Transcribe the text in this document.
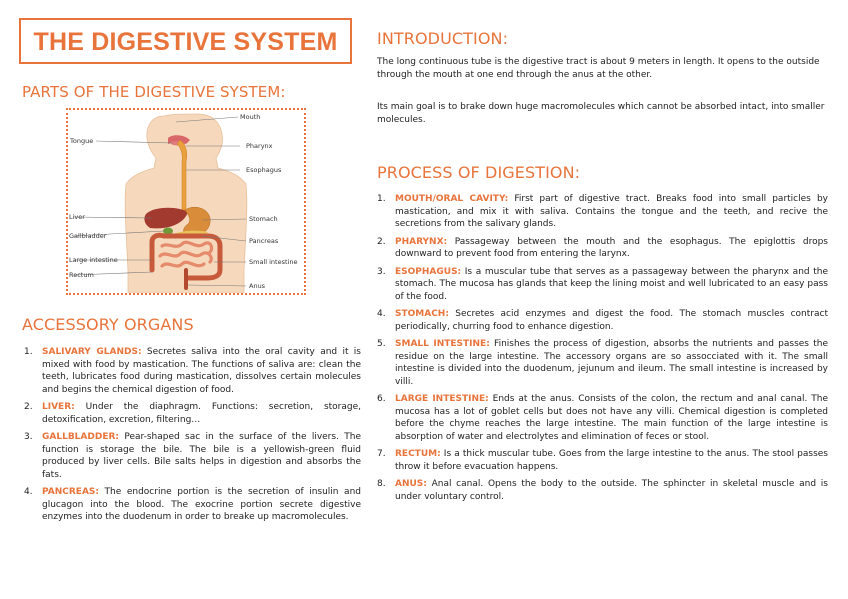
THE DIGESTIVE SYSTEM
PARTS OF THE DIGESTIVE SYSTEM:
Mouth
Tongue
Pharynx
Esophagus
Liver	Stomach
Gallbladder
Pancreas
Large intestine	Small intestine
Rectum
Anus
ACCESSORY ORGANS
1. SALIVARY GLANDS: Secretes saliva into the oral cavity and it is mixed with food by mastication. The functions of saliva are: clean the teeth, lubricates food during mastication, dissolves certain molecules and begins the chemical digestion of food.
2. LIVER: Under the diaphragm. Functions: secretion, storage, detoxification, excretion, filtering…
3. GALLBLADDER: Pear-shaped sac in the surface of the livers. The function is storage the bile. The bile is a yellowish-green fluid produced by liver cells. Bile salts helps in digestion and absorbs the fats.
4. PANCREAS: The endocrine portion is the secretion of insulin and glucagon into the blood. The exocrine portion secrete digestive enzymes into the duodenum in order to breake up macromolecules.
INTRODUCTION:
The long continuous tube is the digestive tract is about 9 meters in length. It opens to the outside through the mouth at one end through the anus at the other.
Its main goal is to brake down huge macromolecules which cannot be absorbed intact, into smaller molecules.
PROCESS OF DIGESTION:
1. MOUTH/ORAL CAVITY: First part of digestive tract. Breaks food into small particles by mastication, and mix it with saliva. Contains the tongue and the teeth, and recive the secretions from the salivary glands.
2. PHARYNX: Passageway between the mouth and the esophagus. The epiglottis drops downward to prevent food from entering the larynx.
3. ESOPHAGUS: Is a muscular tube that serves as a passageway between the pharynx and the stomach. The mucosa has glands that keep the lining moist and well lubricated to an easy pass of the food.
4. STOMACH: Secretes acid enzymes and digest the food. The stomach muscles contract periodically, churring food to enhance digestion.
5. SMALL INTESTINE: Finishes the process of digestion, absorbs the nutrients and passes the residue on the large intestine. The accessory organs are so assocciated with it. The small intestine is divided into the duodenum, jejunum and ileum. The small intestine is increased by villi.
6. LARGE INTESTINE: Ends at the anus. Consists of the colon, the rectum and anal canal. The mucosa has a lot of goblet cells but does not have any villi. Chemical digestion is completed before the chyme reaches the large intestine. The main function of the large intestine is absorption of water and electrolytes and elimination of feces or stool.
7. RECTUM: Is a thick muscular tube. Goes from the large intestine to the anus. The stool passes throw it before evacuation happens.
8. ANUS: Anal canal. Opens the body to the outside. The sphincter in skeletal muscle and is under voluntary control.
